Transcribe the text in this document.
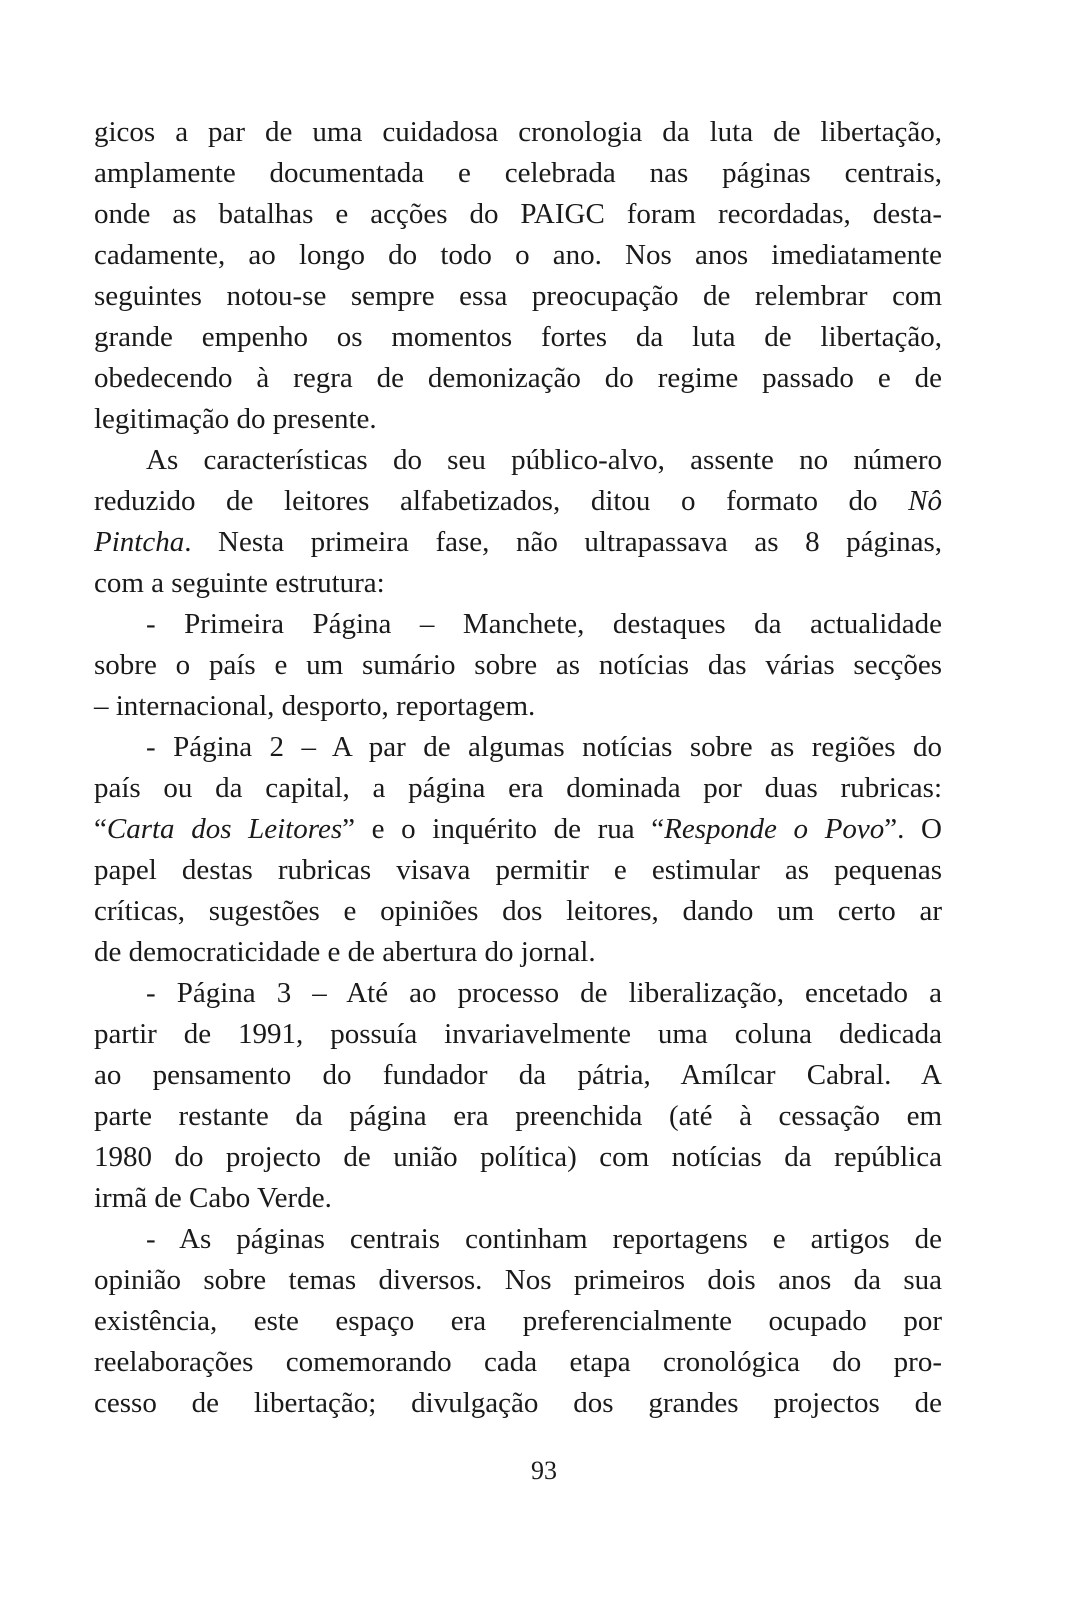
gicos a par de uma cuidadosa cronologia da luta de libertação,
amplamente documentada e celebrada nas páginas centrais,
onde as batalhas e acções do PAIGC foram recordadas, desta-
cadamente, ao longo do todo o ano. Nos anos imediatamente
seguintes notou-se sempre essa preocupação de relembrar com
grande empenho os momentos fortes da luta de libertação,
obedecendo à regra de demonização do regime passado e de
legitimação do presente.
As características do seu público-alvo, assente no número
reduzido de leitores alfabetizados, ditou o formato do Nô
Pintcha. Nesta primeira fase, não ultrapassava as 8 páginas,
com a seguinte estrutura:
- Primeira Página – Manchete, destaques da actualidade
sobre o país e um sumário sobre as notícias das várias secções
– internacional, desporto, reportagem.
- Página 2 – A par de algumas notícias sobre as regiões do
país ou da capital, a página era dominada por duas rubricas:
“Carta dos Leitores” e o inquérito de rua “Responde o Povo”. O
papel destas rubricas visava permitir e estimular as pequenas
críticas, sugestões e opiniões dos leitores, dando um certo ar
de democraticidade e de abertura do jornal.
- Página 3 – Até ao processo de liberalização, encetado a
partir de 1991, possuía invariavelmente uma coluna dedicada
ao pensamento do fundador da pátria, Amílcar Cabral. A
parte restante da página era preenchida (até à cessação em
1980 do projecto de união política) com notícias da república
irmã de Cabo Verde.
- As páginas centrais continham reportagens e artigos de
opinião sobre temas diversos. Nos primeiros dois anos da sua
existência, este espaço era preferencialmente ocupado por
reelaborações comemorando cada etapa cronológica do pro-
cesso de libertação; divulgação dos grandes projectos de
93
